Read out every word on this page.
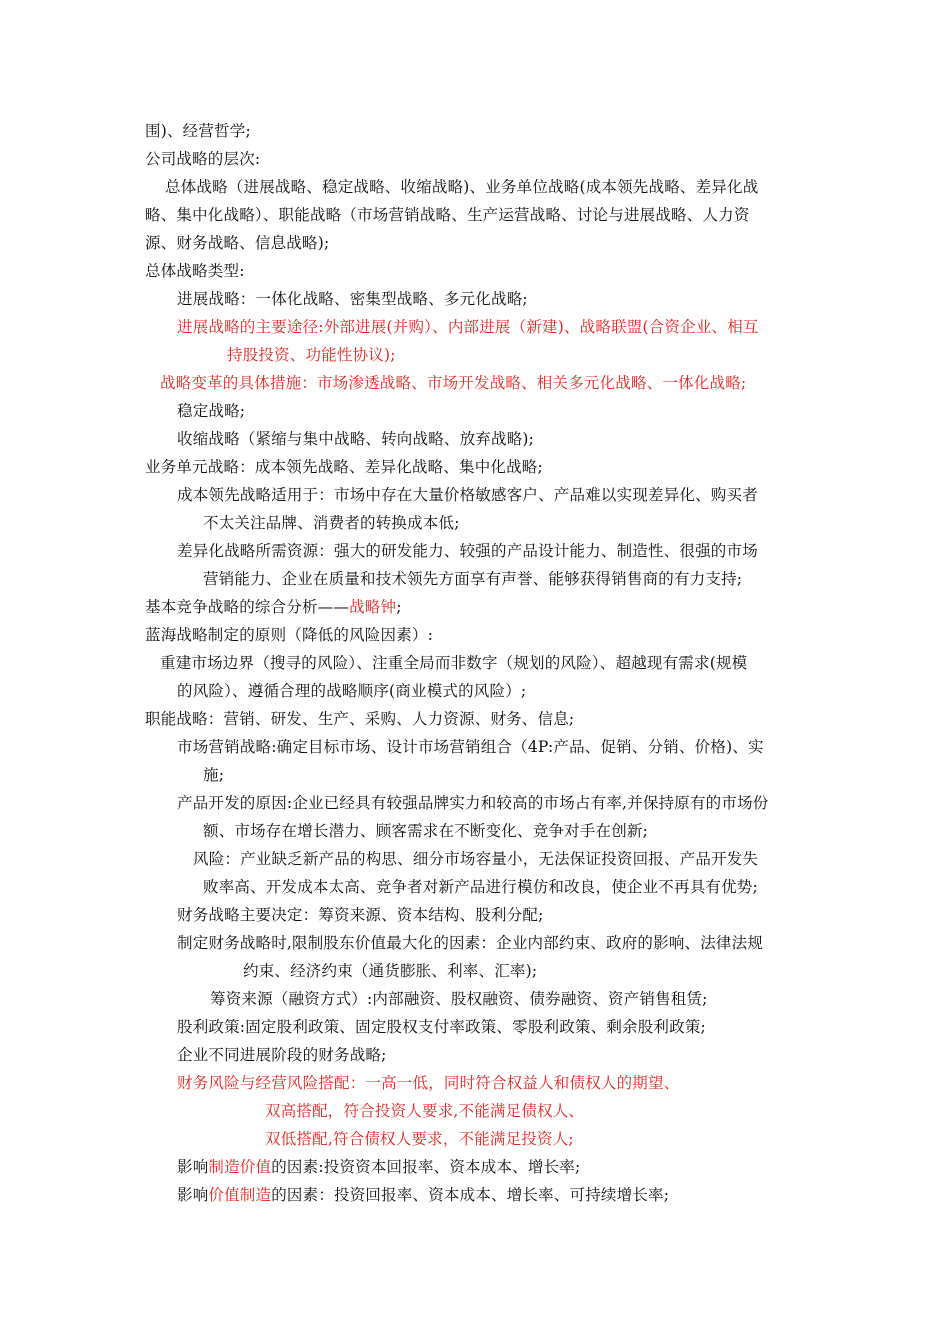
围)、经营哲学;

公司战略的层次:

总体战略（进展战略、稳定战略、收缩战略)、业务单位战略(成本领先战略、差异化战

略、集中化战略）、职能战略（市场营销战略、生产运营战略、讨论与进展战略、人力资

源、财务战略、信息战略);

总体战略类型:

进展战略：一体化战略、密集型战略、多元化战略;

进展战略的主要途径:外部进展(并购）、内部进展（新建)、战略联盟(合资企业、相互

持股投资、功能性协议);

战略变革的具体措施：市场渗透战略、市场开发战略、相关多元化战略、一体化战略;

稳定战略;

收缩战略（紧缩与集中战略、转向战略、放弃战略);

业务单元战略：成本领先战略、差异化战略、集中化战略;

成本领先战略适用于：市场中存在大量价格敏感客户、产品难以实现差异化、购买者

不太关注品牌、消费者的转换成本低;

差异化战略所需资源：强大的研发能力、较强的产品设计能力、制造性、很强的市场

营销能力、企业在质量和技术领先方面享有声誉、能够获得销售商的有力支持;

基本竞争战略的综合分析——战略钟;

蓝海战略制定的原则（降低的风险因素）:

重建市场边界（搜寻的风险）、注重全局而非数字（规划的风险）、超越现有需求(规模

的风险）、遵循合理的战略顺序(商业模式的风险）;

职能战略：营销、研发、生产、采购、人力资源、财务、信息;

市场营销战略:确定目标市场、设计市场营销组合（4P:产品、促销、分销、价格)、实

施;

产品开发的原因:企业已经具有较强品牌实力和较高的市场占有率,并保持原有的市场份

额、市场存在增长潜力、顾客需求在不断变化、竞争对手在创新;

风险：产业缺乏新产品的构思、细分市场容量小，无法保证投资回报、产品开发失

败率高、开发成本太高、竞争者对新产品进行模仿和改良，使企业不再具有优势;

财务战略主要决定：筹资来源、资本结构、股利分配;

制定财务战略时,限制股东价值最大化的因素：企业内部约束、政府的影响、法律法规

约束、经济约束（通货膨胀、利率、汇率);

筹资来源（融资方式）:内部融资、股权融资、债券融资、资产销售租赁;

股利政策:固定股利政策、固定股权支付率政策、零股利政策、剩余股利政策;

企业不同进展阶段的财务战略;

财务风险与经营风险搭配：一高一低，同时符合权益人和债权人的期望、

双高搭配，符合投资人要求,不能满足债权人、

双低搭配,符合债权人要求，不能满足投资人;

影响制造价值的因素:投资资本回报率、资本成本、增长率;

影响价值制造的因素：投资回报率、资本成本、增长率、可持续增长率;
